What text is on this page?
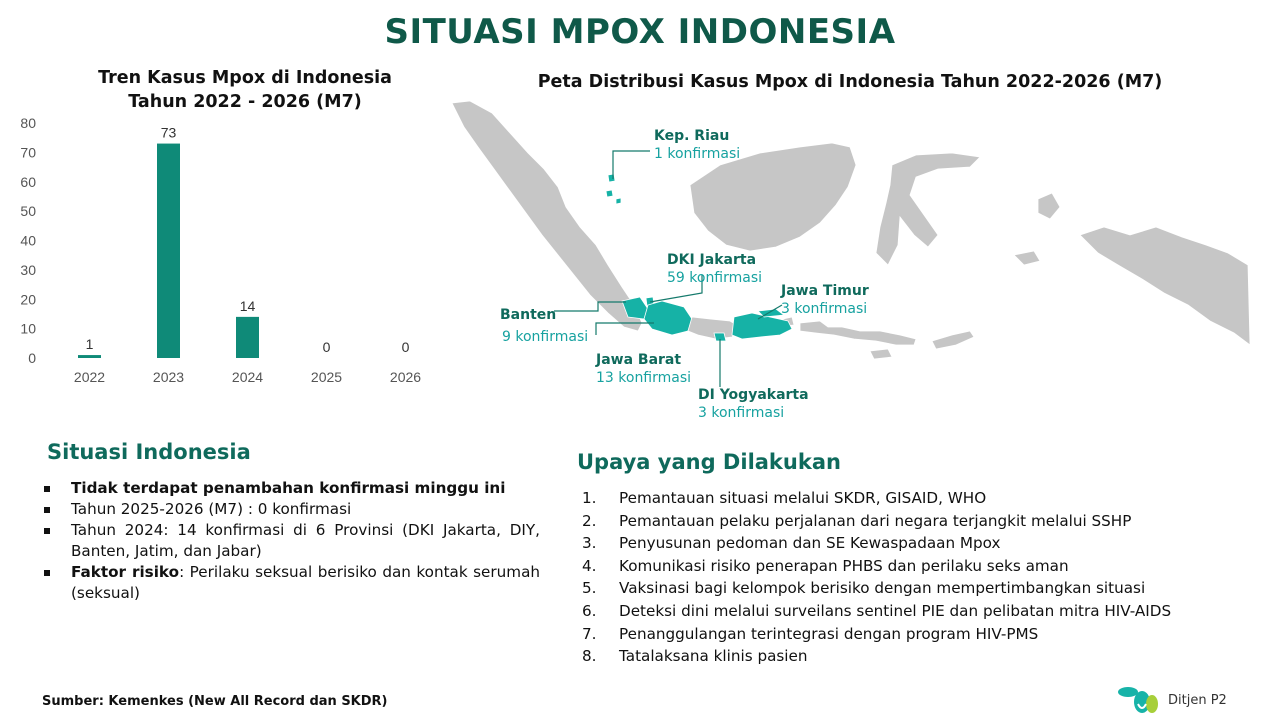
SITUASI MPOX INDONESIA
Tren Kasus Mpox di Indonesia
Tahun 2022 - 2026 (M7)
0
10
20
30
40
50
60
70
80
1
2022
73
2023
14
2024
0
2025
0
2026
Peta Distribusi Kasus Mpox di Indonesia Tahun 2022-2026 (M7)
Kep. Riau
1 konfirmasi
DKI Jakarta
59 konfirmasi
Jawa Timur
3 konfirmasi
Banten
9 konfirmasi
Jawa Barat
13 konfirmasi
DI Yogyakarta
3 konfirmasi
Situasi Indonesia
Tidak terdapat penambahan konfirmasi minggu ini
Tahun 2025-2026 (M7) : 0 konfirmasi
Tahun 2024: 14 konfirmasi di 6 Provinsi (DKI Jakarta, DIY, Banten, Jatim, dan Jabar)
Faktor risiko: Perilaku seksual berisiko dan kontak serumah (seksual)
Upaya yang Dilakukan
1. Pemantauan situasi melalui SKDR, GISAID, WHO
2. Pemantauan pelaku perjalanan dari negara terjangkit melalui SSHP
3. Penyusunan pedoman dan SE Kewaspadaan Mpox
4. Komunikasi risiko penerapan PHBS dan perilaku seks aman
5. Vaksinasi bagi kelompok berisiko dengan mempertimbangkan situasi
6. Deteksi dini melalui surveilans sentinel PIE dan pelibatan mitra HIV-AIDS
7. Penanggulangan terintegrasi dengan program HIV-PMS
8. Tatalaksana klinis pasien
Sumber: Kemenkes (New All Record dan SKDR)	Ditjen P2
